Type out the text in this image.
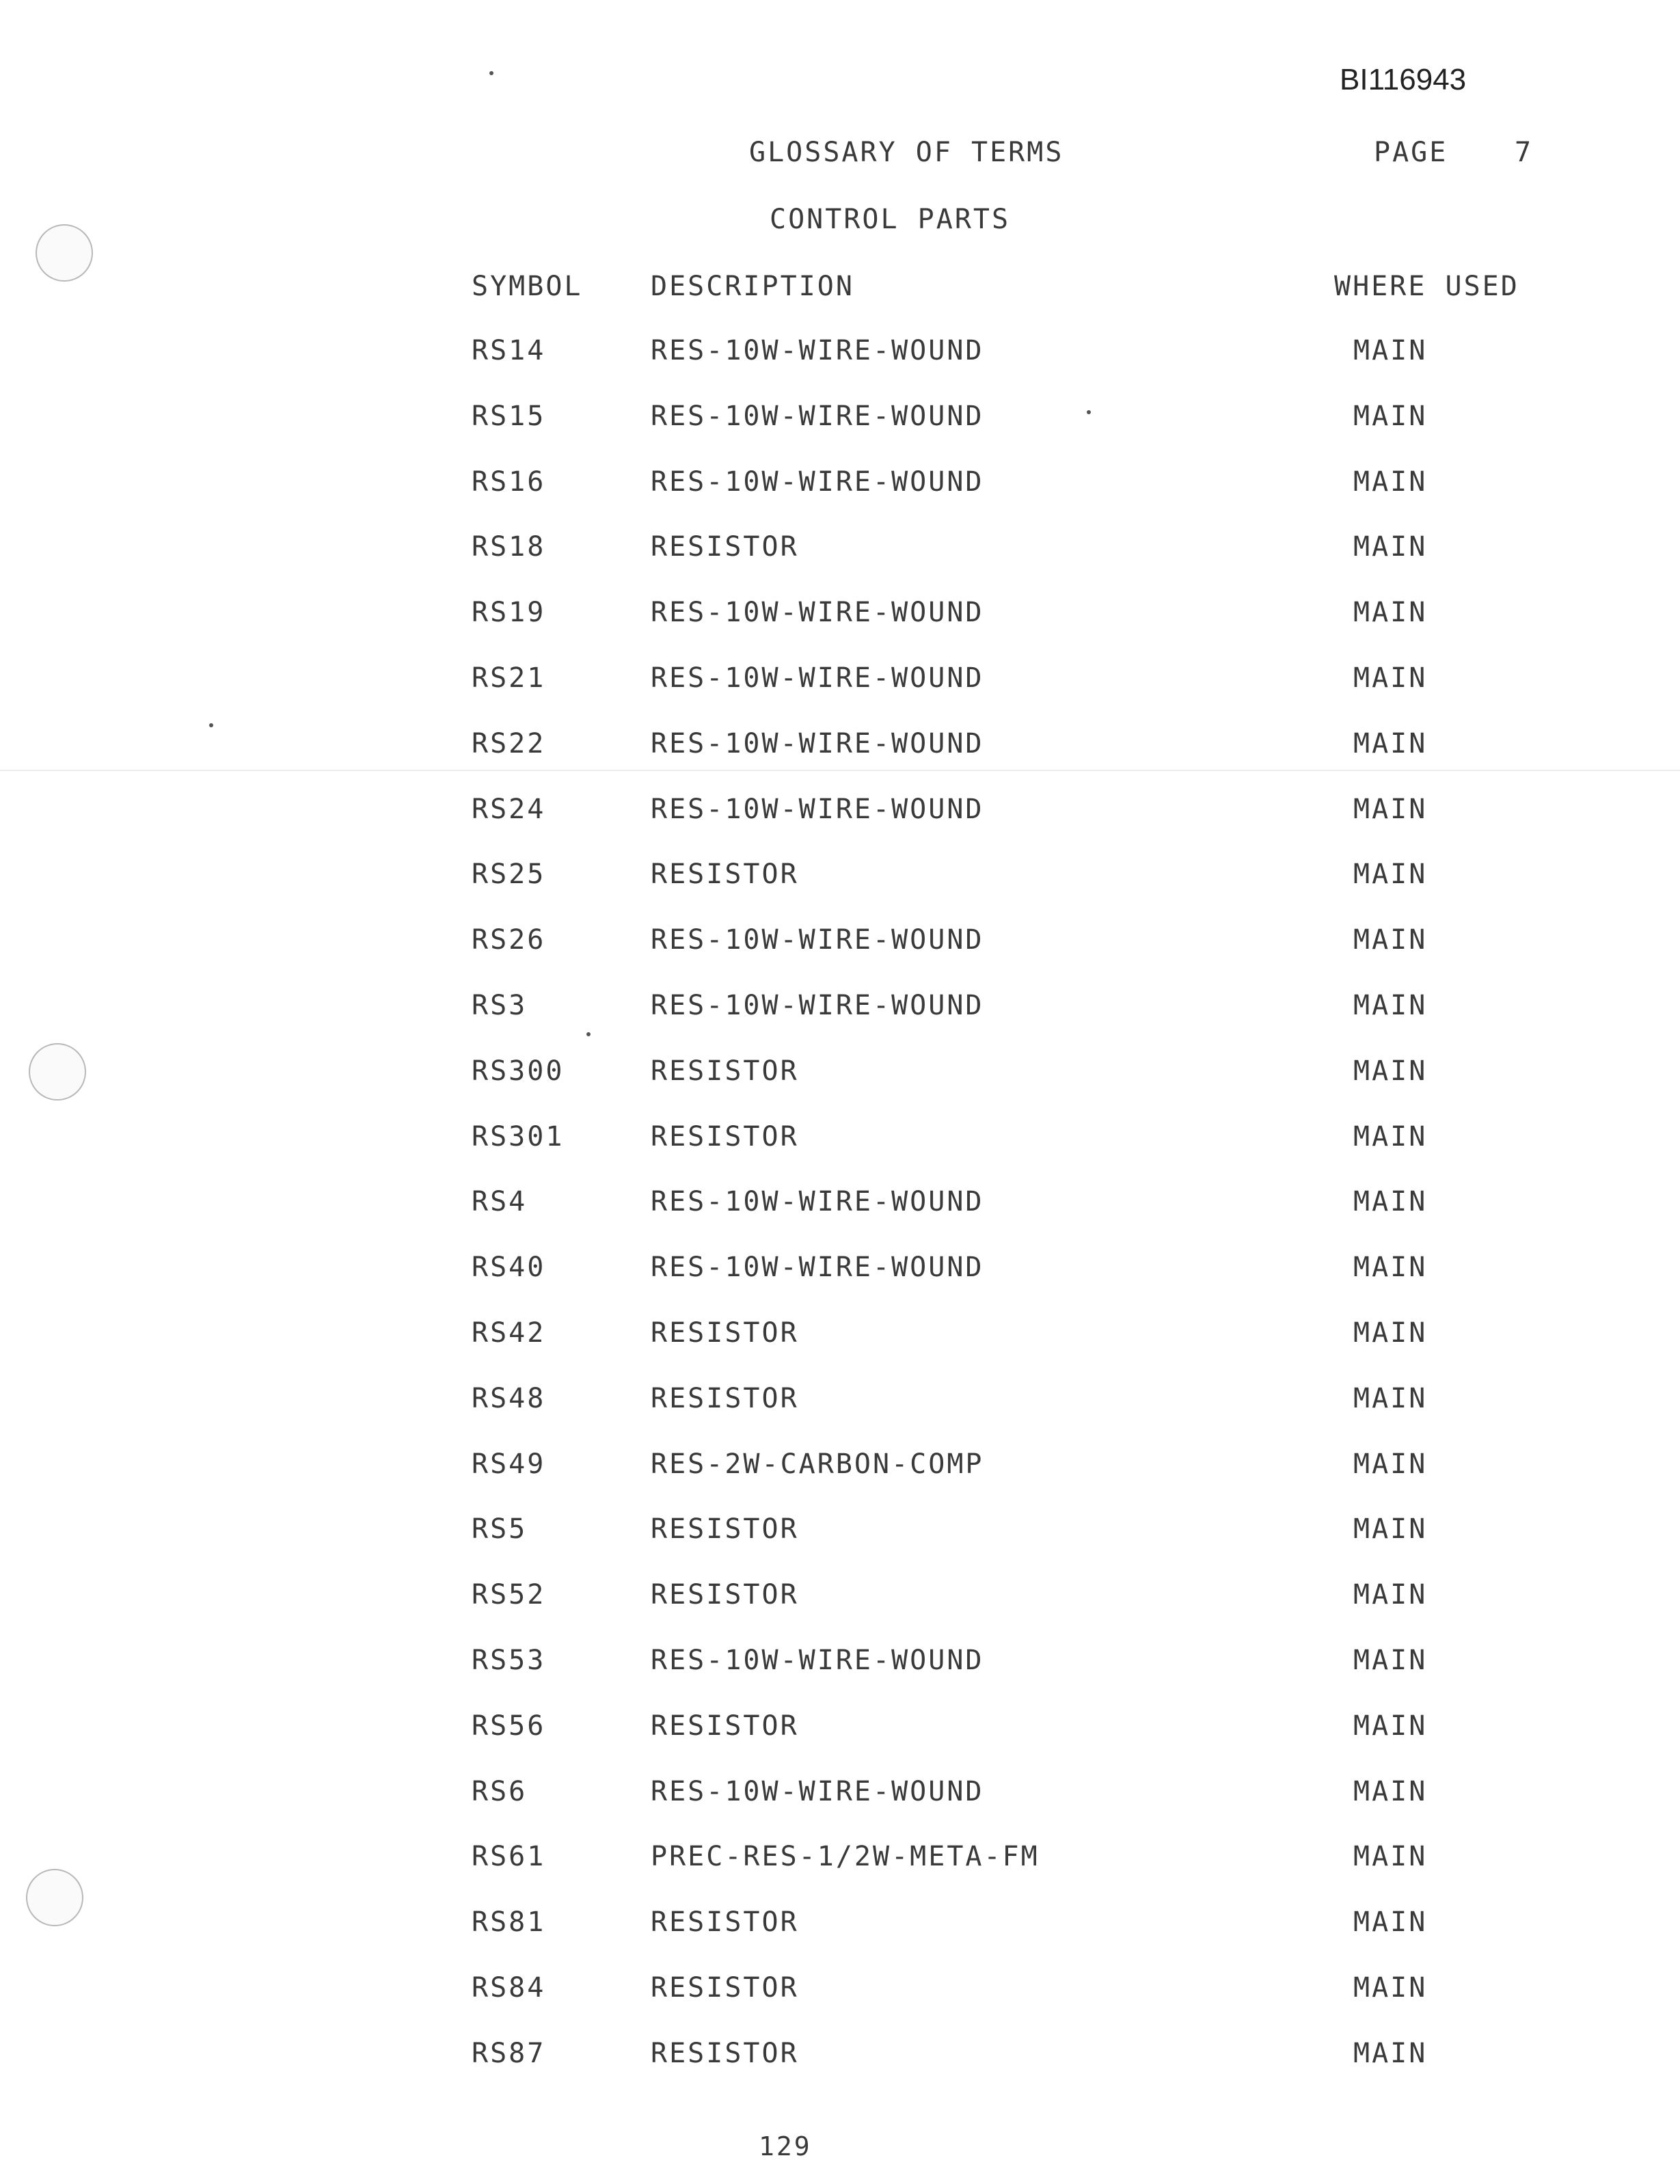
BI116943
GLOSSARY OF TERMS	PAGE 7
CONTROL PARTS
SYMBOL DESCRIPTION	WHERE USED
RS14	RES-10W-WIRE-WOUND	MAIN
RS15	RES-10W-WIRE-WOUND	MAIN
RS16	RES-10W-WIRE-WOUND	MAIN
RS18	RESISTOR	MAIN
RS19	RES-10W-WIRE-WOUND	MAIN
RS21	RES-10W-WIRE-WOUND	MAIN
RS22	RES-10W-WIRE-WOUND	MAIN
RS24	RES-10W-WIRE-WOUND	MAIN
RS25	RESISTOR	MAIN
RS26	RES-10W-WIRE-WOUND	MAIN
RS3	RES-10W-WIRE-WOUND	MAIN
RS300	RESISTOR	MAIN
RS301	RESISTOR	MAIN
RS4	RES-10W-WIRE-WOUND	MAIN
RS40	RES-10W-WIRE-WOUND	MAIN
RS42	RESISTOR	MAIN
RS48	RESISTOR	MAIN
RS49	RES-2W-CARBON-COMP	MAIN
RS5	RESISTOR	MAIN
RS52	RESISTOR	MAIN
RS53	RES-10W-WIRE-WOUND	MAIN
RS56	RESISTOR	MAIN
RS6	RES-10W-WIRE-WOUND	MAIN
RS61	PREC-RES-1/2W-META-FM	MAIN
RS81	RESISTOR	MAIN
RS84	RESISTOR	MAIN
RS87	RESISTOR	MAIN
129
